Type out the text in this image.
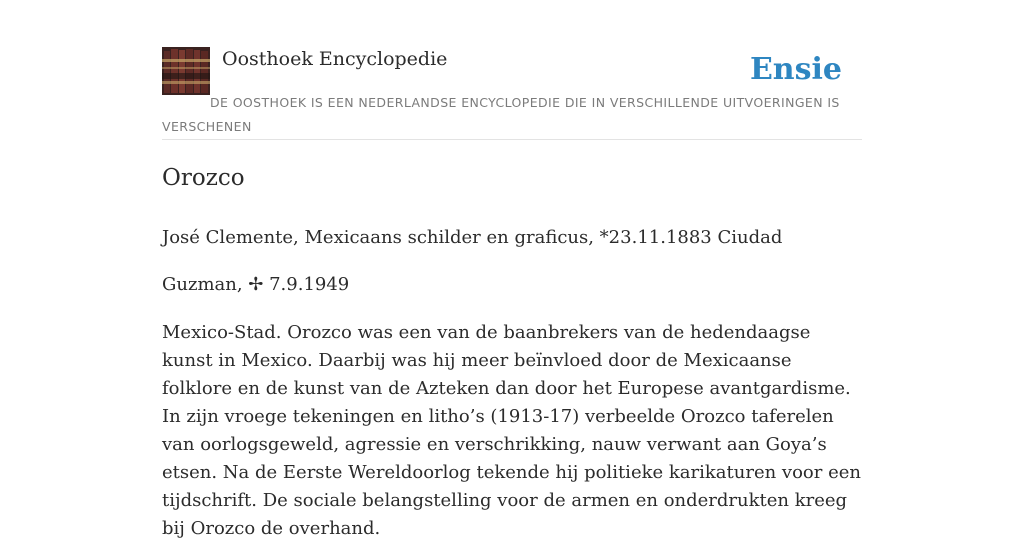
Oosthoek Encyclopedie	Ensie
DE OOSTHOEK IS EEN NEDERLANDSE ENCYCLOPEDIE DIE IN VERSCHILLENDE UITVOERINGEN IS VERSCHENEN
Orozco

José Clemente, Mexicaans schilder en graficus, *23.11.1883 Ciudad Guzman, ✢ 7.9.1949

Mexico-Stad. Orozco was een van de baanbrekers van de hedendaagse kunst in Mexico. Daarbij was hij meer beïnvloed door de Mexicaanse folklore en de kunst van de Azteken dan door het Europese avantgardisme. In zijn vroege tekeningen en litho’s (1913-17) verbeelde Orozco taferelen van oorlogsgeweld, agressie en verschrikking, nauw verwant aan Goya’s etsen. Na de Eerste Wereldoorlog tekende hij politieke karikaturen voor een tijdschrift. De sociale belangstelling voor de armen en onderdrukten kreeg bij Orozco de overhand.
